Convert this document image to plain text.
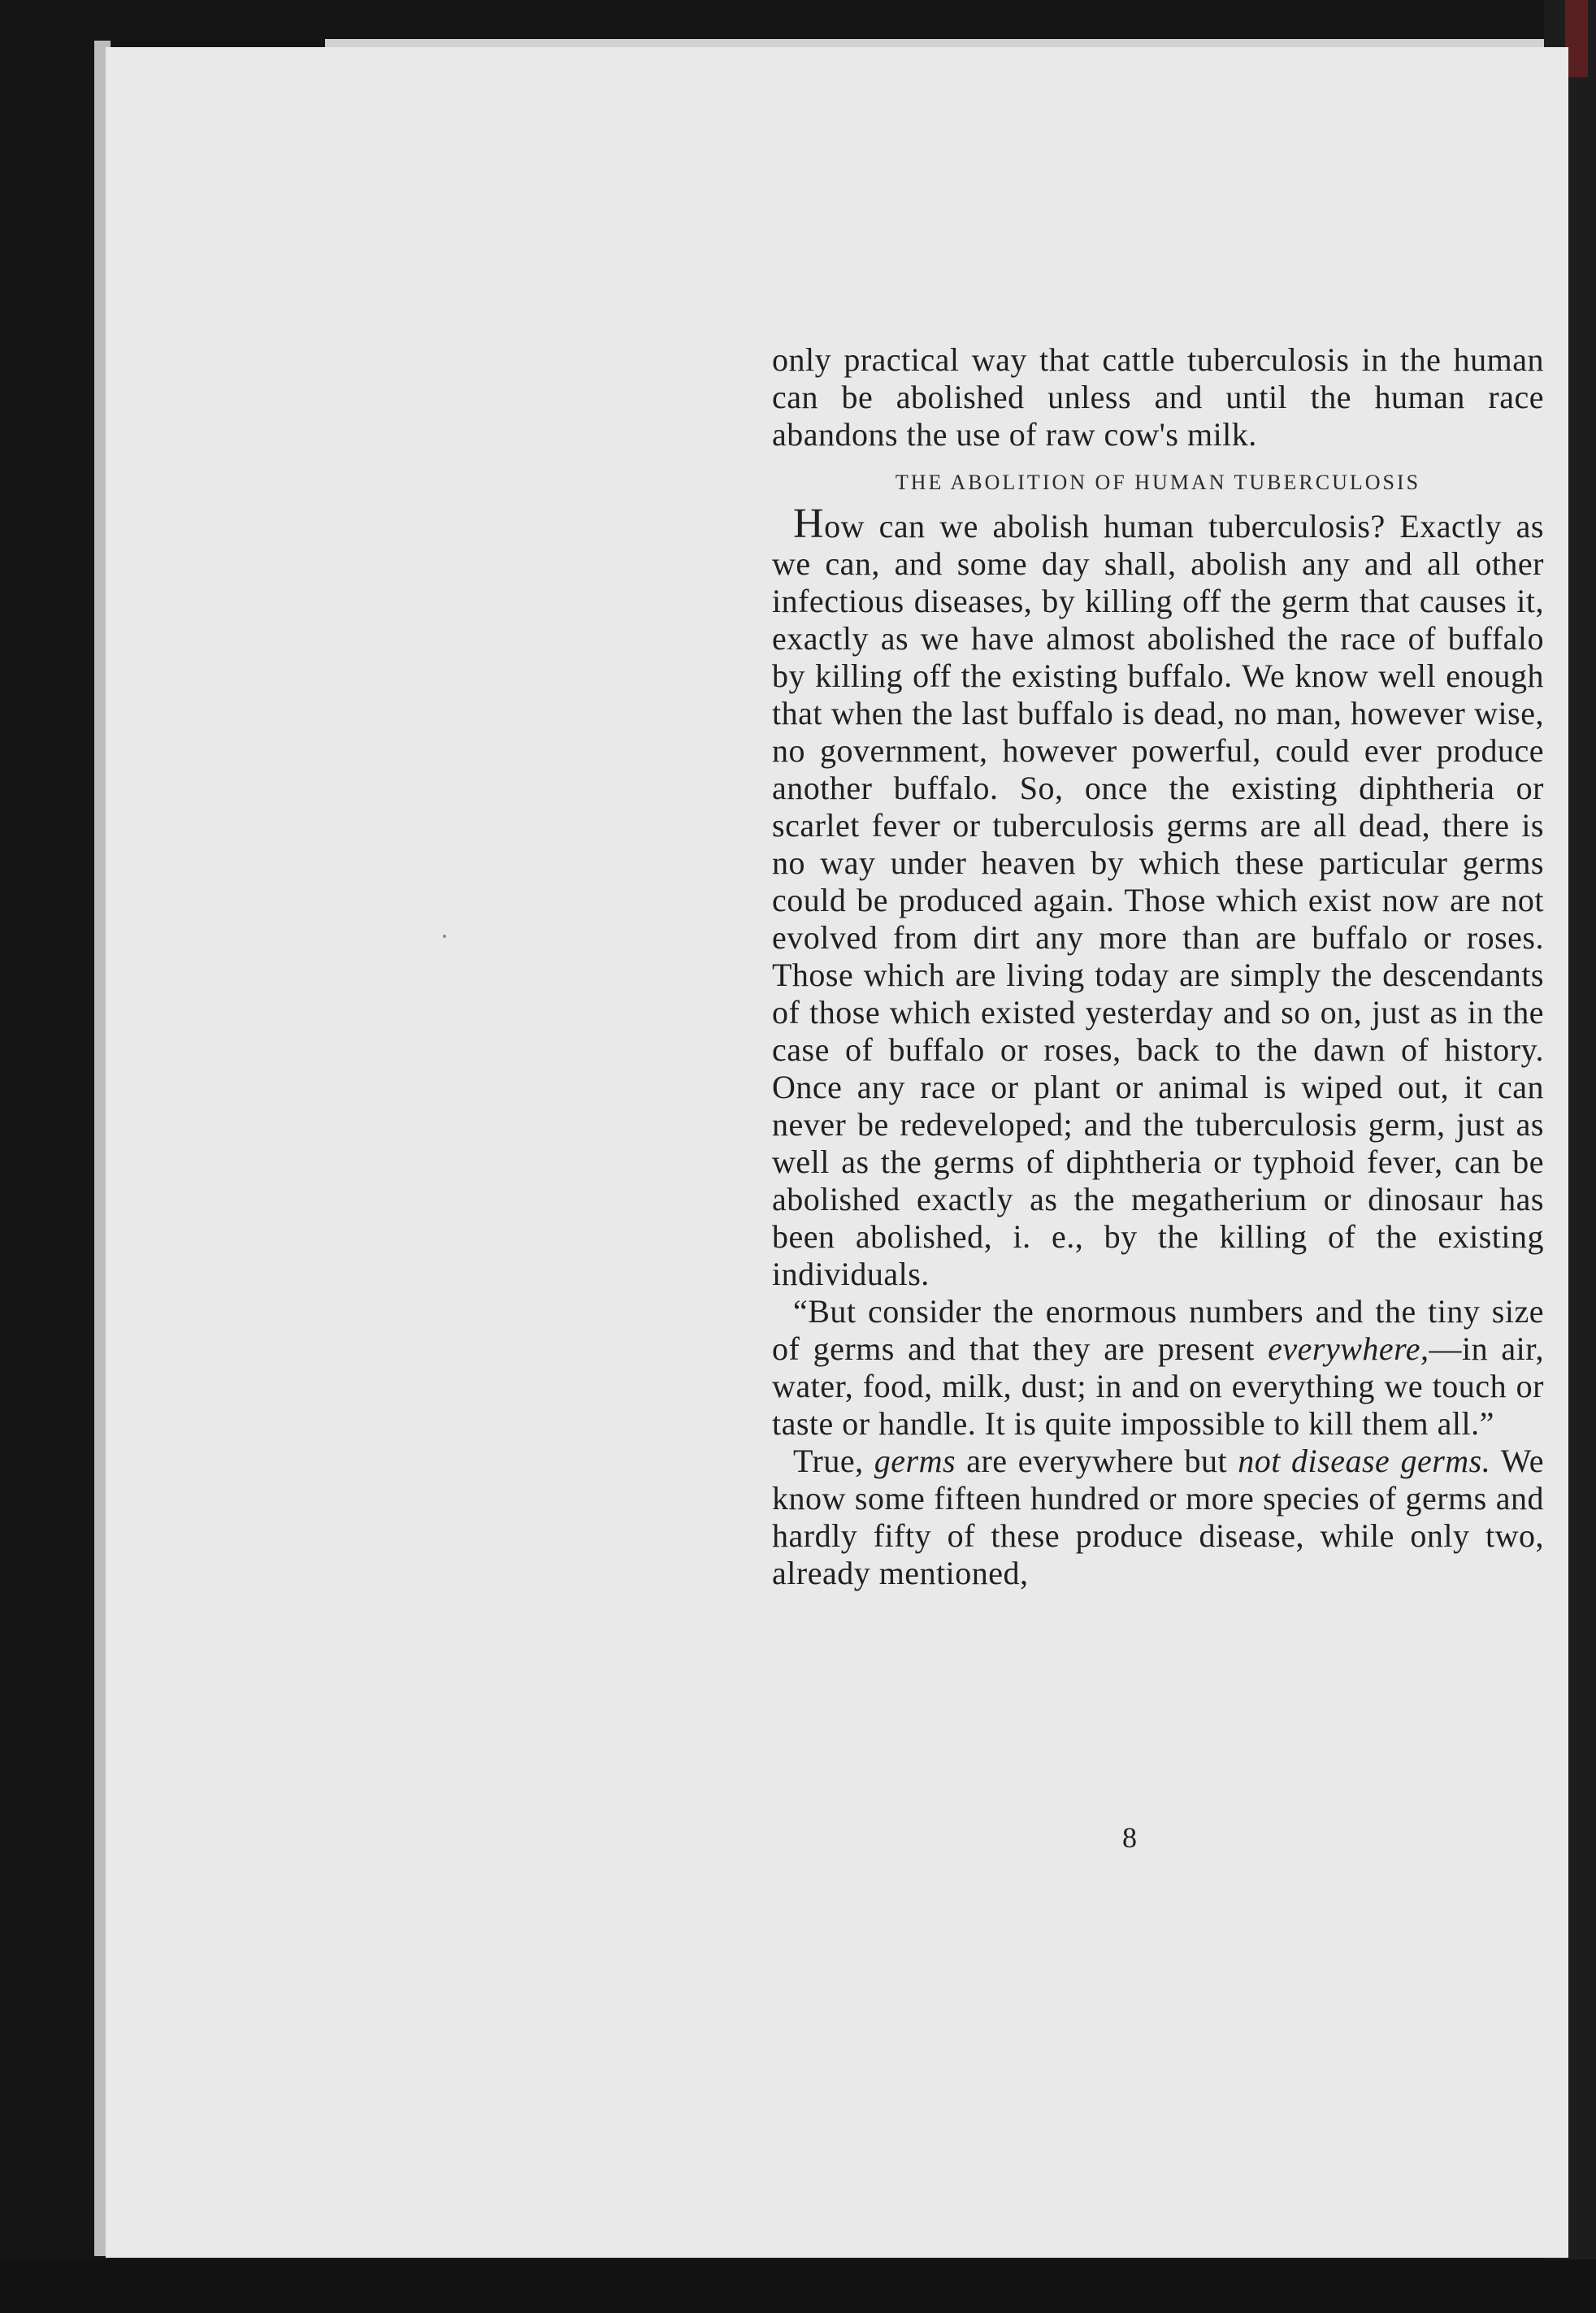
only practical way that cattle tuberculosis in the human can be abolished unless and until the human race abandons the use of raw cow's milk.

THE ABOLITION OF HUMAN TUBERCULOSIS

How can we abolish human tuberculosis? Exactly as we can, and some day shall, abolish any and all other infectious diseases, by killing off the germ that causes it, exactly as we have almost abolished the race of buffalo by killing off the existing buffalo. We know well enough that when the last buffalo is dead, no man, however wise, no government, however powerful, could ever produce another buffalo. So, once the existing diphtheria or scarlet fever or tuberculosis germs are all dead, there is no way under heaven by which these particular germs could be produced again. Those which exist now are not evolved from dirt any more than are buffalo or roses. Those which are living today are simply the descendants of those which existed yesterday and so on, just as in the case of buffalo or roses, back to the dawn of history. Once any race or plant or animal is wiped out, it can never be redeveloped; and the tuberculosis germ, just as well as the germs of diphtheria or typhoid fever, can be abolished exactly as the megatherium or dinosaur has been abolished, i. e., by the killing of the existing individuals.

“But consider the enormous numbers and the tiny size of germs and that they are present everywhere,—in air, water, food, milk, dust; in and on everything we touch or taste or handle. It is quite impossible to kill them all.”

True, germs are everywhere but not disease germs. We know some fifteen hundred or more species of germs and hardly fifty of these produce disease, while only two, already mentioned,

8
